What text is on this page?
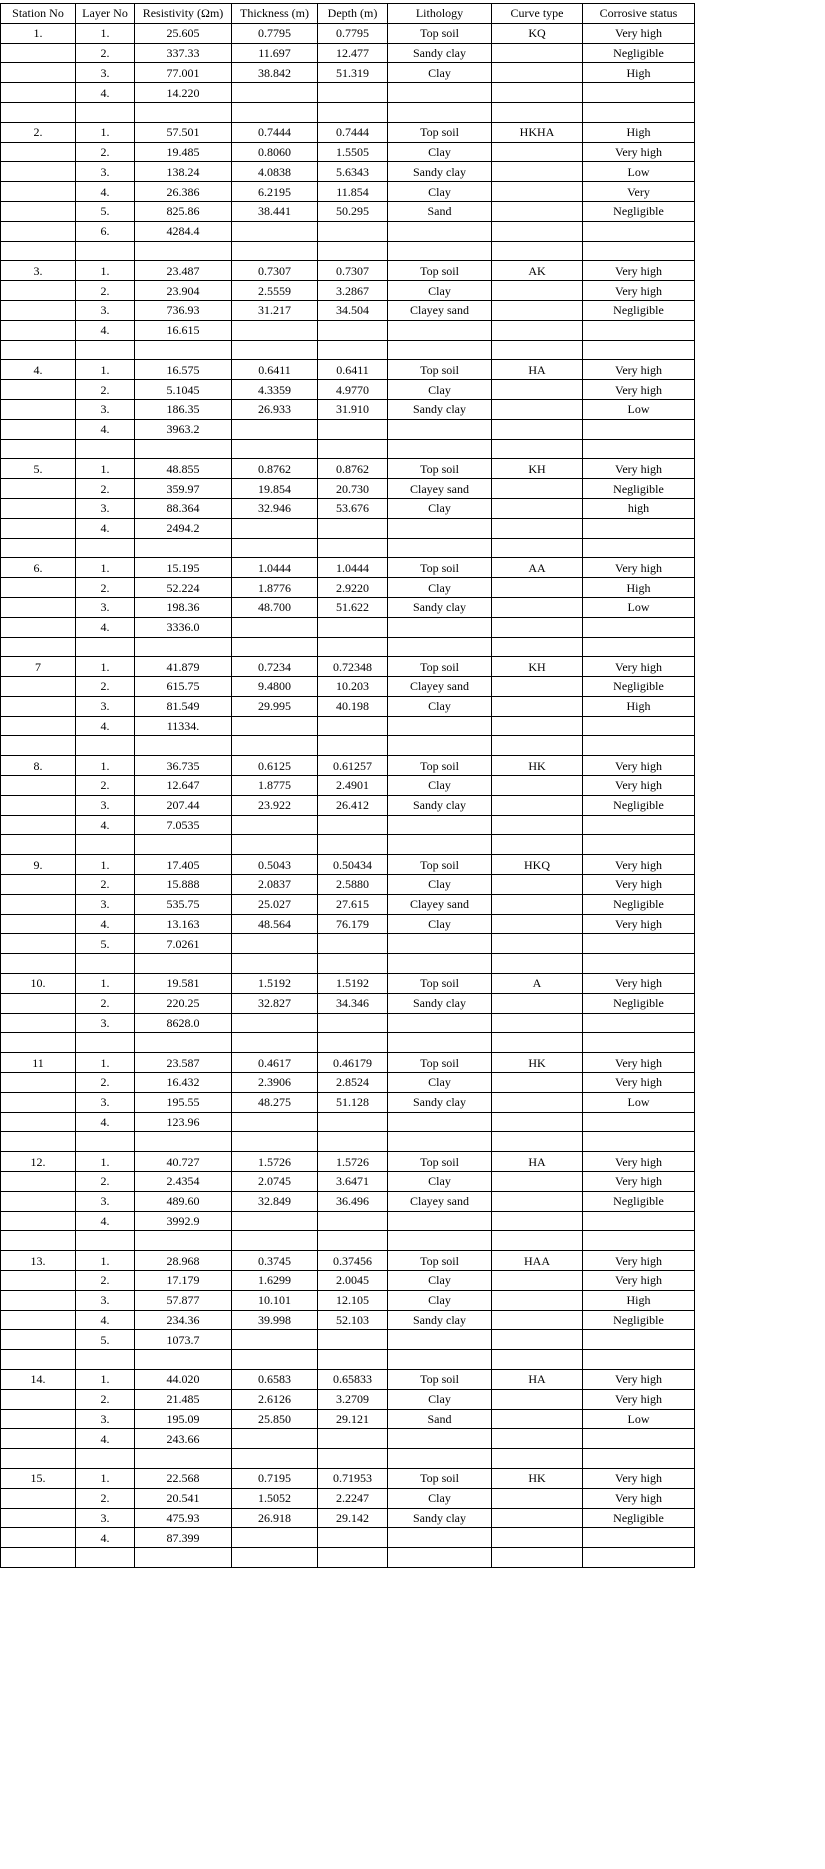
Station No	Layer No	Resistivity (Ωm)	Thickness (m)	Depth (m)	Lithology	Curve type	Corrosive status
1.	1.	25.605	0.7795	0.7795	Top soil	KQ	Very high
	2.	337.33	11.697	12.477	Sandy clay		Negligible
	3.	77.001	38.842	51.319	Clay		High
	4.	14.220					

2.	1.	57.501	0.7444	0.7444	Top soil	HKHA	High
	2.	19.485	0.8060	1.5505	Clay		Very high
	3.	138.24	4.0838	5.6343	Sandy clay		Low
	4.	26.386	6.2195	11.854	Clay		Very
	5.	825.86	38.441	50.295	Sand		Negligible
	6.	4284.4					

3.	1.	23.487	0.7307	0.7307	Top soil	AK	Very high
	2.	23.904	2.5559	3.2867	Clay		Very high
	3.	736.93	31.217	34.504	Clayey sand		Negligible
	4.	16.615					

4.	1.	16.575	0.6411	0.6411	Top soil	HA	Very high
	2.	5.1045	4.3359	4.9770	Clay		Very high
	3.	186.35	26.933	31.910	Sandy clay		Low
	4.	3963.2					

5.	1.	48.855	0.8762	0.8762	Top soil	KH	Very high
	2.	359.97	19.854	20.730	Clayey sand		Negligible
	3.	88.364	32.946	53.676	Clay		high
	4.	2494.2					

6.	1.	15.195	1.0444	1.0444	Top soil	AA	Very high
	2.	52.224	1.8776	2.9220	Clay		High
	3.	198.36	48.700	51.622	Sandy clay		Low
	4.	3336.0					

7	1.	41.879	0.7234	0.72348	Top soil	KH	Very high
	2.	615.75	9.4800	10.203	Clayey sand		Negligible
	3.	81.549	29.995	40.198	Clay		High
	4.	11334.					

8.	1.	36.735	0.6125	0.61257	Top soil	HK	Very high
	2.	12.647	1.8775	2.4901	Clay		Very high
	3.	207.44	23.922	26.412	Sandy clay		Negligible
	4.	7.0535					

9.	1.	17.405	0.5043	0.50434	Top soil	HKQ	Very high
	2.	15.888	2.0837	2.5880	Clay		Very high
	3.	535.75	25.027	27.615	Clayey sand		Negligible
	4.	13.163	48.564	76.179	Clay		Very high
	5.	7.0261					

10.	1.	19.581	1.5192	1.5192	Top soil	A	Very high
	2.	220.25	32.827	34.346	Sandy clay		Negligible
	3.	8628.0					

11	1.	23.587	0.4617	0.46179	Top soil	HK	Very high
	2.	16.432	2.3906	2.8524	Clay		Very high
	3.	195.55	48.275	51.128	Sandy clay		Low
	4.	123.96					

12.	1.	40.727	1.5726	1.5726	Top soil	HA	Very high
	2.	2.4354	2.0745	3.6471	Clay		Very high
	3.	489.60	32.849	36.496	Clayey sand		Negligible
	4.	3992.9					

13.	1.	28.968	0.3745	0.37456	Top soil	HAA	Very high
	2.	17.179	1.6299	2.0045	Clay		Very high
	3.	57.877	10.101	12.105	Clay		High
	4.	234.36	39.998	52.103	Sandy clay		Negligible
	5.	1073.7					

14.	1.	44.020	0.6583	0.65833	Top soil	HA	Very high
	2.	21.485	2.6126	3.2709	Clay		Very high
	3.	195.09	25.850	29.121	Sand		Low
	4.	243.66					

15.	1.	22.568	0.7195	0.71953	Top soil	HK	Very high
	2.	20.541	1.5052	2.2247	Clay		Very high
	3.	475.93	26.918	29.142	Sandy clay		Negligible
	4.	87.399					
